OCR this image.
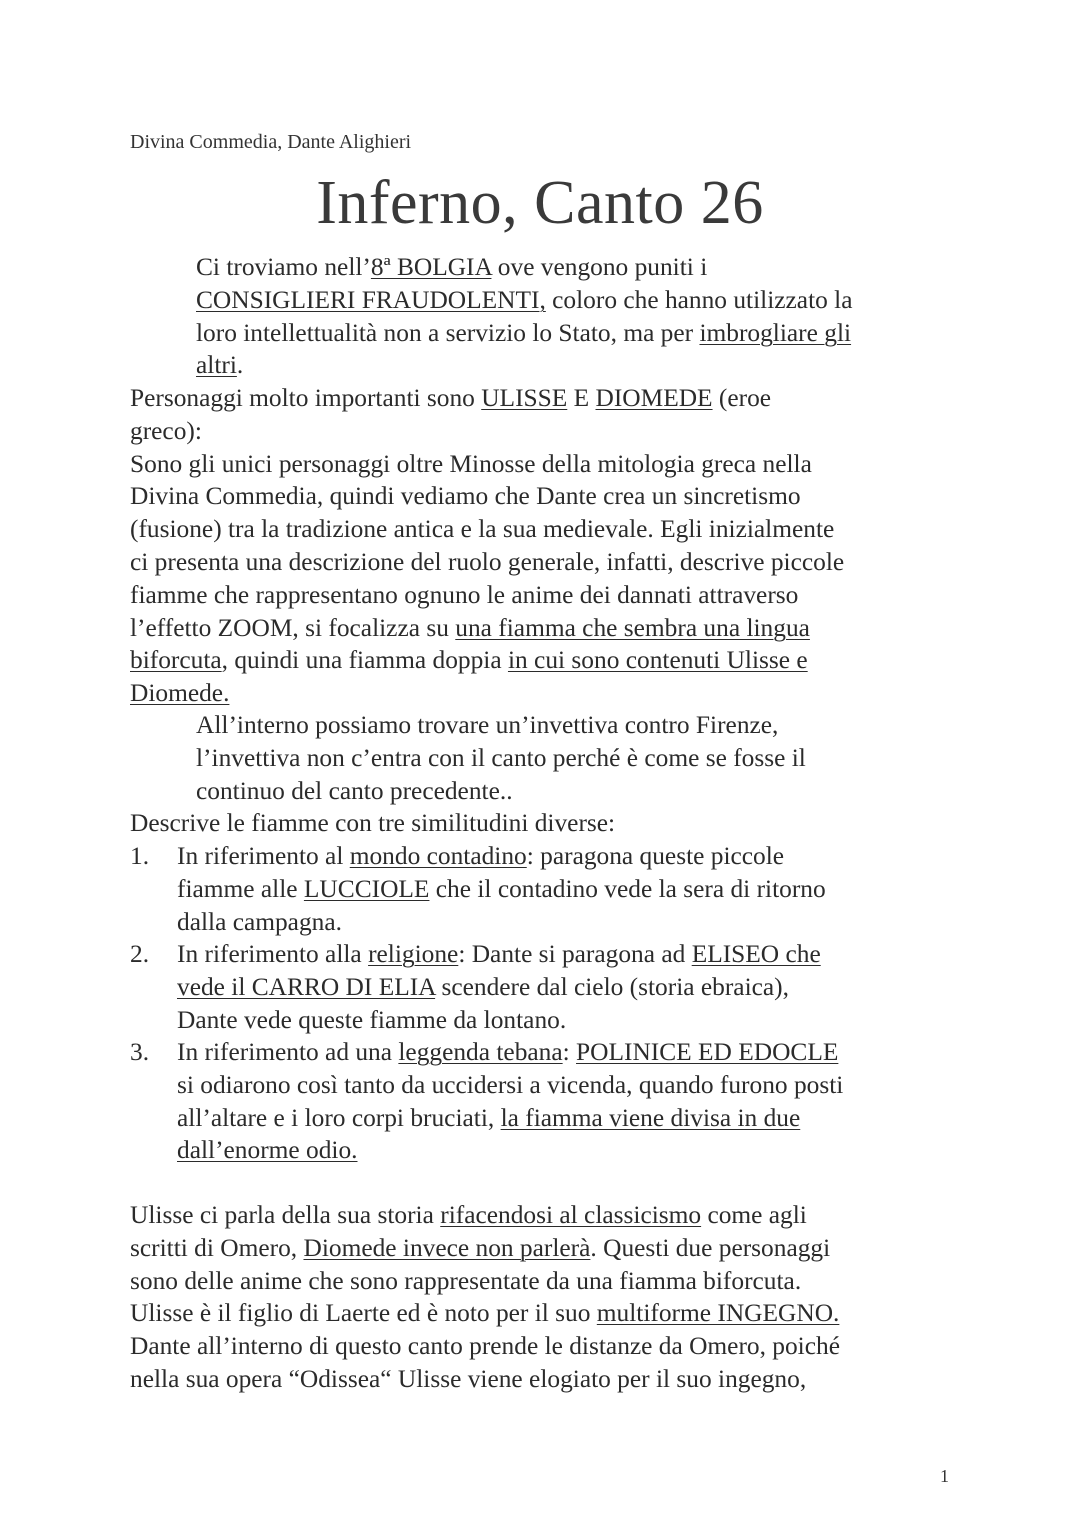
Divina Commedia, Dante Alighieri
Inferno, Canto 26
Ci troviamo nell’8ª BOLGIA ove vengono puniti i
CONSIGLIERI FRAUDOLENTI, coloro che hanno utilizzato la
loro intellettualità non a servizio lo Stato, ma per imbrogliare gli
altri.
Personaggi molto importanti sono ULISSE E DIOMEDE (eroe
greco):
Sono gli unici personaggi oltre Minosse della mitologia greca nella
Divina Commedia, quindi vediamo che Dante crea un sincretismo
(fusione) tra la tradizione antica e la sua medievale. Egli inizialmente
ci presenta una descrizione del ruolo generale, infatti, descrive piccole
fiamme che rappresentano ognuno le anime dei dannati attraverso
l’effetto ZOOM, si focalizza su una fiamma che sembra una lingua
biforcuta, quindi una fiamma doppia in cui sono contenuti Ulisse e
Diomede.
All’interno possiamo trovare un’invettiva contro Firenze,
l’invettiva non c’entra con il canto perché è come se fosse il
continuo del canto precedente..
Descrive le fiamme con tre similitudini diverse:
1. In riferimento al mondo contadino: paragona queste piccole
fiamme alle LUCCIOLE che il contadino vede la sera di ritorno
dalla campagna.
2. In riferimento alla religione: Dante si paragona ad ELISEO che
vede il CARRO DI ELIA scendere dal cielo (storia ebraica),
Dante vede queste fiamme da lontano.
3. In riferimento ad una leggenda tebana: POLINICE ED EDOCLE
si odiarono così tanto da uccidersi a vicenda, quando furono posti
all’altare e i loro corpi bruciati, la fiamma viene divisa in due
dall’enorme odio.
Ulisse ci parla della sua storia rifacendosi al classicismo come agli
scritti di Omero, Diomede invece non parlerà. Questi due personaggi
sono delle anime che sono rappresentate da una fiamma biforcuta.
Ulisse è il figlio di Laerte ed è noto per il suo multiforme INGEGNO.
Dante all’interno di questo canto prende le distanze da Omero, poiché
nella sua opera “Odissea“ Ulisse viene elogiato per il suo ingegno,
1
